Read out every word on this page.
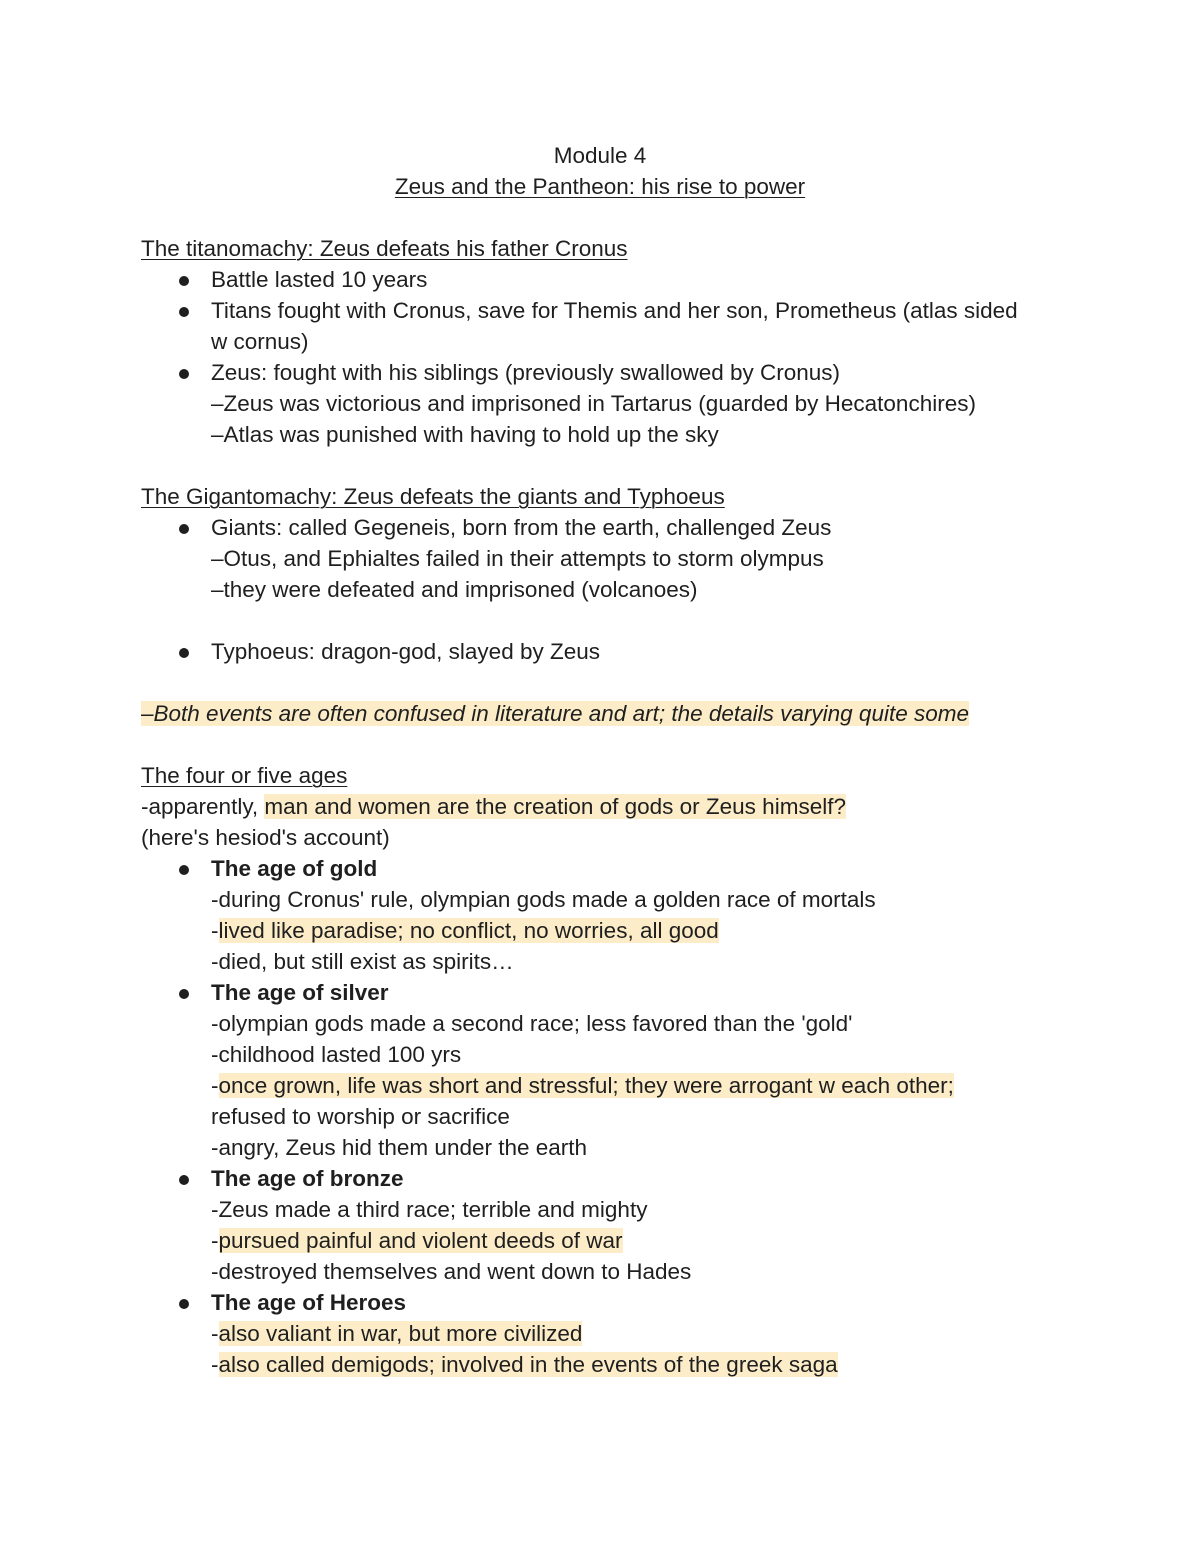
Module 4
Zeus and the Pantheon: his rise to power
The titanomachy: Zeus defeats his father Cronus
Battle lasted 10 years
Titans fought with Cronus, save for Themis and her son, Prometheus (atlas sided
w cornus)
Zeus: fought with his siblings (previously swallowed by Cronus)
–Zeus was victorious and imprisoned in Tartarus (guarded by Hecatonchires)
–Atlas was punished with having to hold up the sky
The Gigantomachy: Zeus defeats the giants and Typhoeus
Giants: called Gegeneis, born from the earth, challenged Zeus
–Otus, and Ephialtes failed in their attempts to storm olympus
–they were defeated and imprisoned (volcanoes)
Typhoeus: dragon-god, slayed by Zeus
–Both events are often confused in literature and art; the details varying quite some
The four or five ages
-apparently, man and women are the creation of gods or Zeus himself?
(here's hesiod's account)
The age of gold
-during Cronus' rule, olympian gods made a golden race of mortals
-lived like paradise; no conflict, no worries, all good
-died, but still exist as spirits…
The age of silver
-olympian gods made a second race; less favored than the 'gold'
-childhood lasted 100 yrs
-once grown, life was short and stressful; they were arrogant w each other;
refused to worship or sacrifice
-angry, Zeus hid them under the earth
The age of bronze
-Zeus made a third race; terrible and mighty
-pursued painful and violent deeds of war
-destroyed themselves and went down to Hades
The age of Heroes
-also valiant in war, but more civilized
-also called demigods; involved in the events of the greek saga
